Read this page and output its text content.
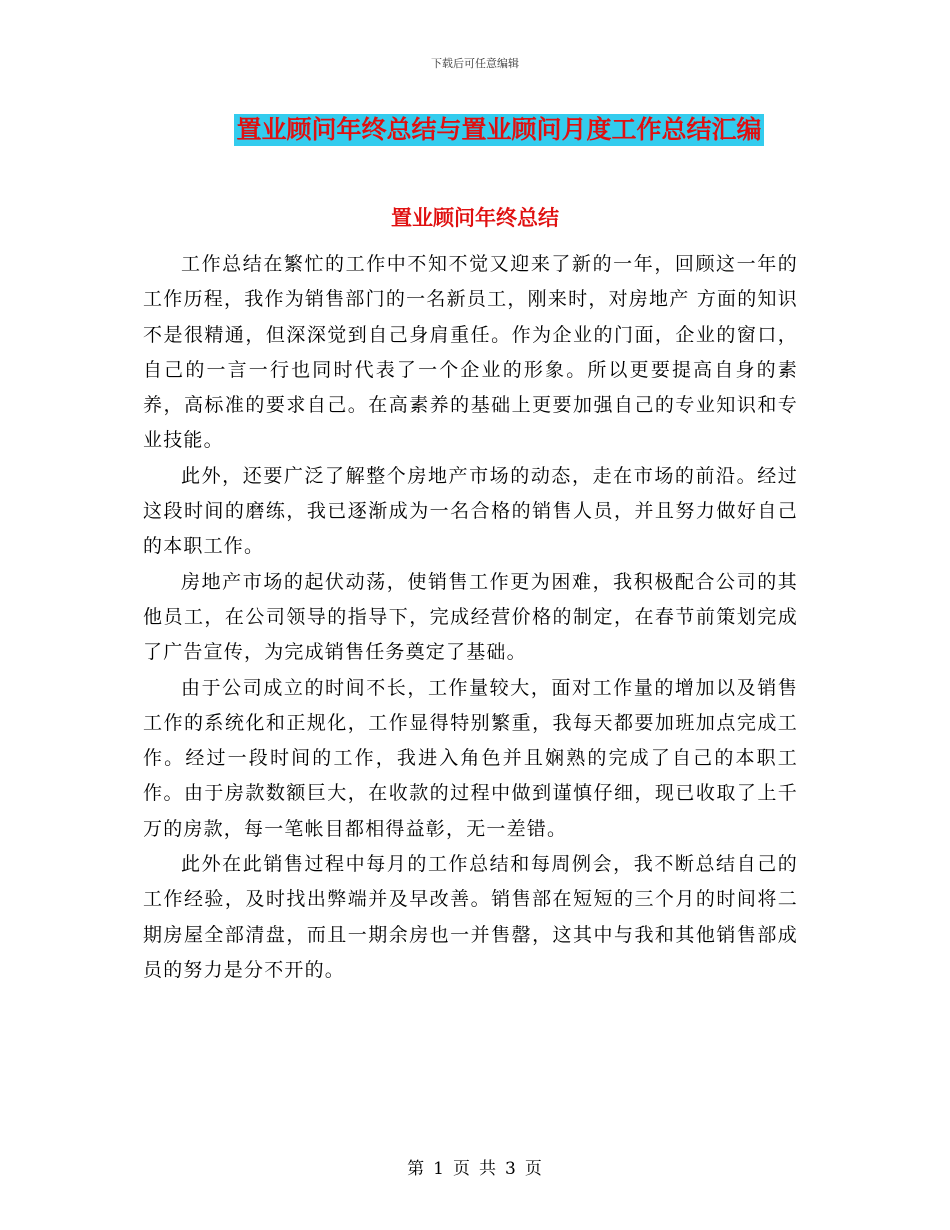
下载后可任意编辑
置业顾问年终总结与置业顾问月度工作总结汇编
置业顾问年终总结

工作总结在繁忙的工作中不知不觉又迎来了新的一年，回顾这一年的工作历程，我作为销售部门的一名新员工，刚来时，对房地产 方面的知识不是很精通，但深深觉到自己身肩重任。作为企业的门面，企业的窗口，自己的一言一行也同时代表了一个企业的形象。所以更要提高自身的素养，高标准的要求自己。在高素养的基础上更要加强自己的专业知识和专业技能。

此外，还要广泛了解整个房地产市场的动态，走在市场的前沿。经过这段时间的磨练，我已逐渐成为一名合格的销售人员，并且努力做好自己的本职工作。

房地产市场的起伏动荡，使销售工作更为困难，我积极配合公司的其他员工，在公司领导的指导下，完成经营价格的制定，在春节前策划完成了广告宣传，为完成销售任务奠定了基础。

由于公司成立的时间不长，工作量较大，面对工作量的增加以及销售工作的系统化和正规化，工作显得特别繁重，我每天都要加班加点完成工作。经过一段时间的工作，我进入角色并且娴熟的完成了自己的本职工作。由于房款数额巨大，在收款的过程中做到谨慎仔细，现已收取了上千万的房款，每一笔帐目都相得益彰，无一差错。

此外在此销售过程中每月的工作总结和每周例会，我不断总结自己的工作经验，及时找出弊端并及早改善。销售部在短短的三个月的时间将二期房屋全部清盘，而且一期余房也一并售罄，这其中与我和其他销售部成员的努力是分不开的。

第 1 页 共 3 页
